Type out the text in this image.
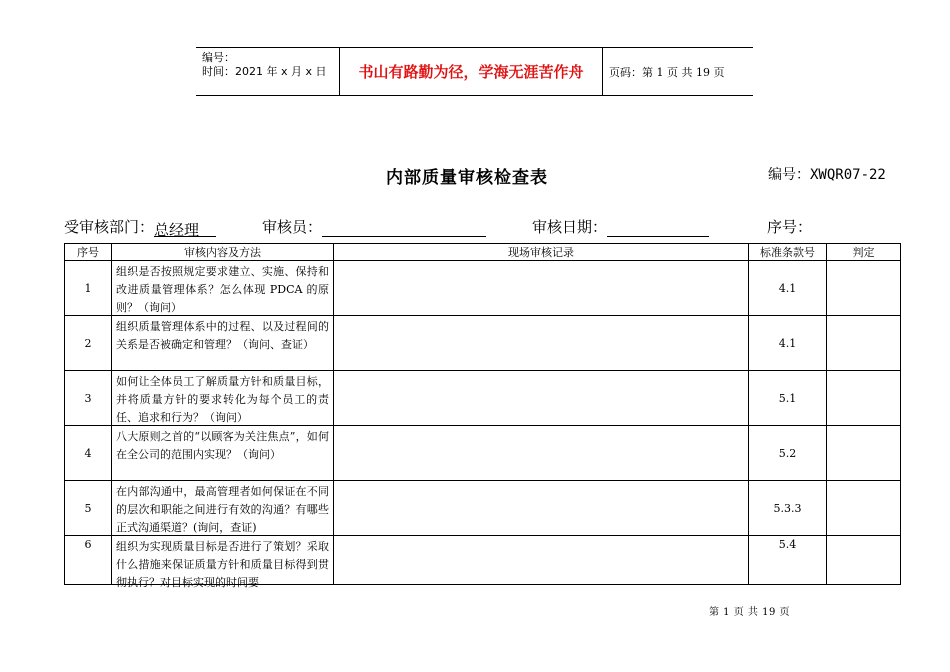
编号：
时间：2021 年 x 月 x 日	书山有路勤为径，学海无涯苦作舟	页码：第 1 页 共 19 页
内部质量审核检查表	编号：XWQR07-22
受审核部门：总经理	审核员：	审核日期：	序号：
序号	审核内容及方法	现场审核记录	标准条款号	判定
1	组织是否按照规定要求建立、实施、保持和改进质量管理体系？怎么体现 PDCA 的原则？（询问）		4.1	
2	组织质量管理体系中的过程、以及过程间的关系是否被确定和管理？（询问、查证）		4.1	
3	如何让全体员工了解质量方针和质量目标，并将质量方针的要求转化为每个员工的责任、追求和行为？（询问）		5.1	
4	八大原则之首的“以顾客为关注焦点”，如何在全公司的范围内实现？（询问）		5.2	
5	在内部沟通中，最高管理者如何保证在不同的层次和职能之间进行有效的沟通？有哪些正式沟通渠道？(询问，查证)		5.3.3	
6	组织为实现质量目标是否进行了策划？采取什么措施来保证质量方针和质量目标得到贯彻执行？对目标实现的时间要		5.4	
第 1 页 共 19 页
